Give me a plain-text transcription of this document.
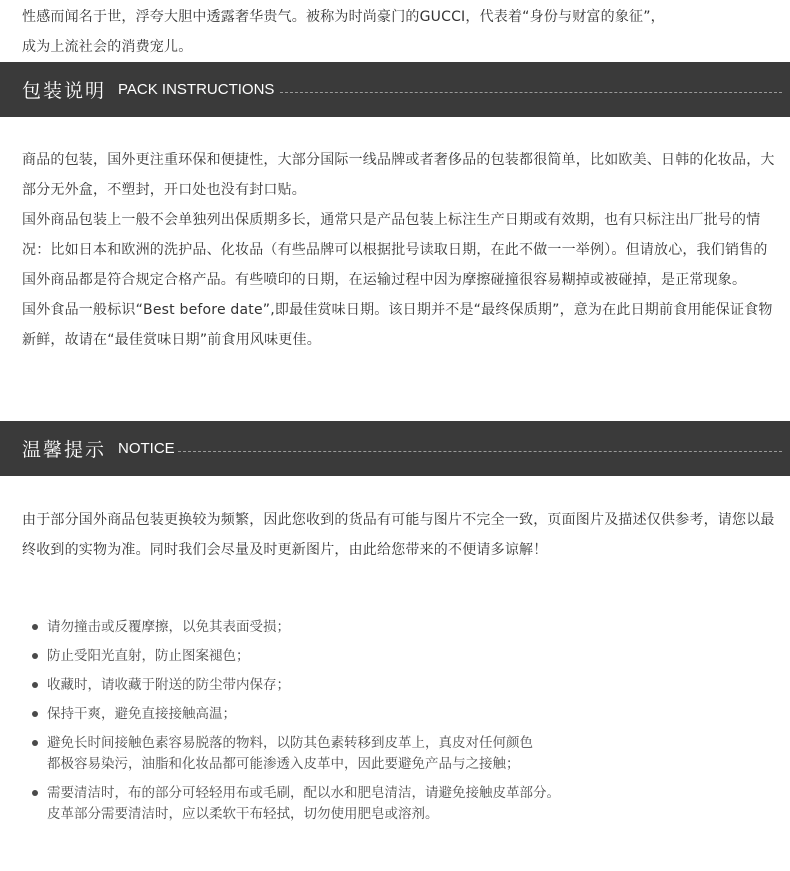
性感而闻名于世，浮夸大胆中透露奢华贵气。被称为时尚豪门的GUCCI，代表着“身份与财富的象征”，
成为上流社会的消费宠儿。
包装说明 PACK INSTRUCTIONS

商品的包装，国外更注重环保和便捷性，大部分国际一线品牌或者奢侈品的包装都很简单，比如欧美、日韩的化妆品，大部分无外盒，不塑封，开口处也没有封口贴。

国外商品包装上一般不会单独列出保质期多长，通常只是产品包装上标注生产日期或有效期，也有只标注出厂批号的情况：比如日本和欧洲的洗护品、化妆品（有些品牌可以根据批号读取日期，在此不做一一举例）。但请放心，我们销售的国外商品都是符合规定合格产品。有些喷印的日期，在运输过程中因为摩擦碰撞很容易糊掉或被碰掉，是正常现象。

国外食品一般标识“Best before date”,即最佳赏味日期。该日期并不是“最终保质期”，意为在此日期前食用能保证食物新鲜，故请在“最佳赏味日期”前食用风味更佳。

温馨提示 NOTICE

由于部分国外商品包装更换较为频繁，因此您收到的货品有可能与图片不完全一致，页面图片及描述仅供参考，请您以最终收到的实物为准。同时我们会尽量及时更新图片，由此给您带来的不便请多谅解！

请勿撞击或反覆摩擦，以免其表面受损；
防止受阳光直射，防止图案褪色；
收藏时，请收藏于附送的防尘带内保存；
保持干爽，避免直接接触高温；
避免长时间接触色素容易脱落的物料，以防其色素转移到皮革上，真皮对任何颜色
都极容易染污，油脂和化妆品都可能渗透入皮革中，因此要避免产品与之接触；
需要清洁时，布的部分可轻轻用布或毛刷，配以水和肥皂清洁，请避免接触皮革部分。
皮革部分需要清洁时，应以柔软干布轻拭，切勿使用肥皂或溶剂。
